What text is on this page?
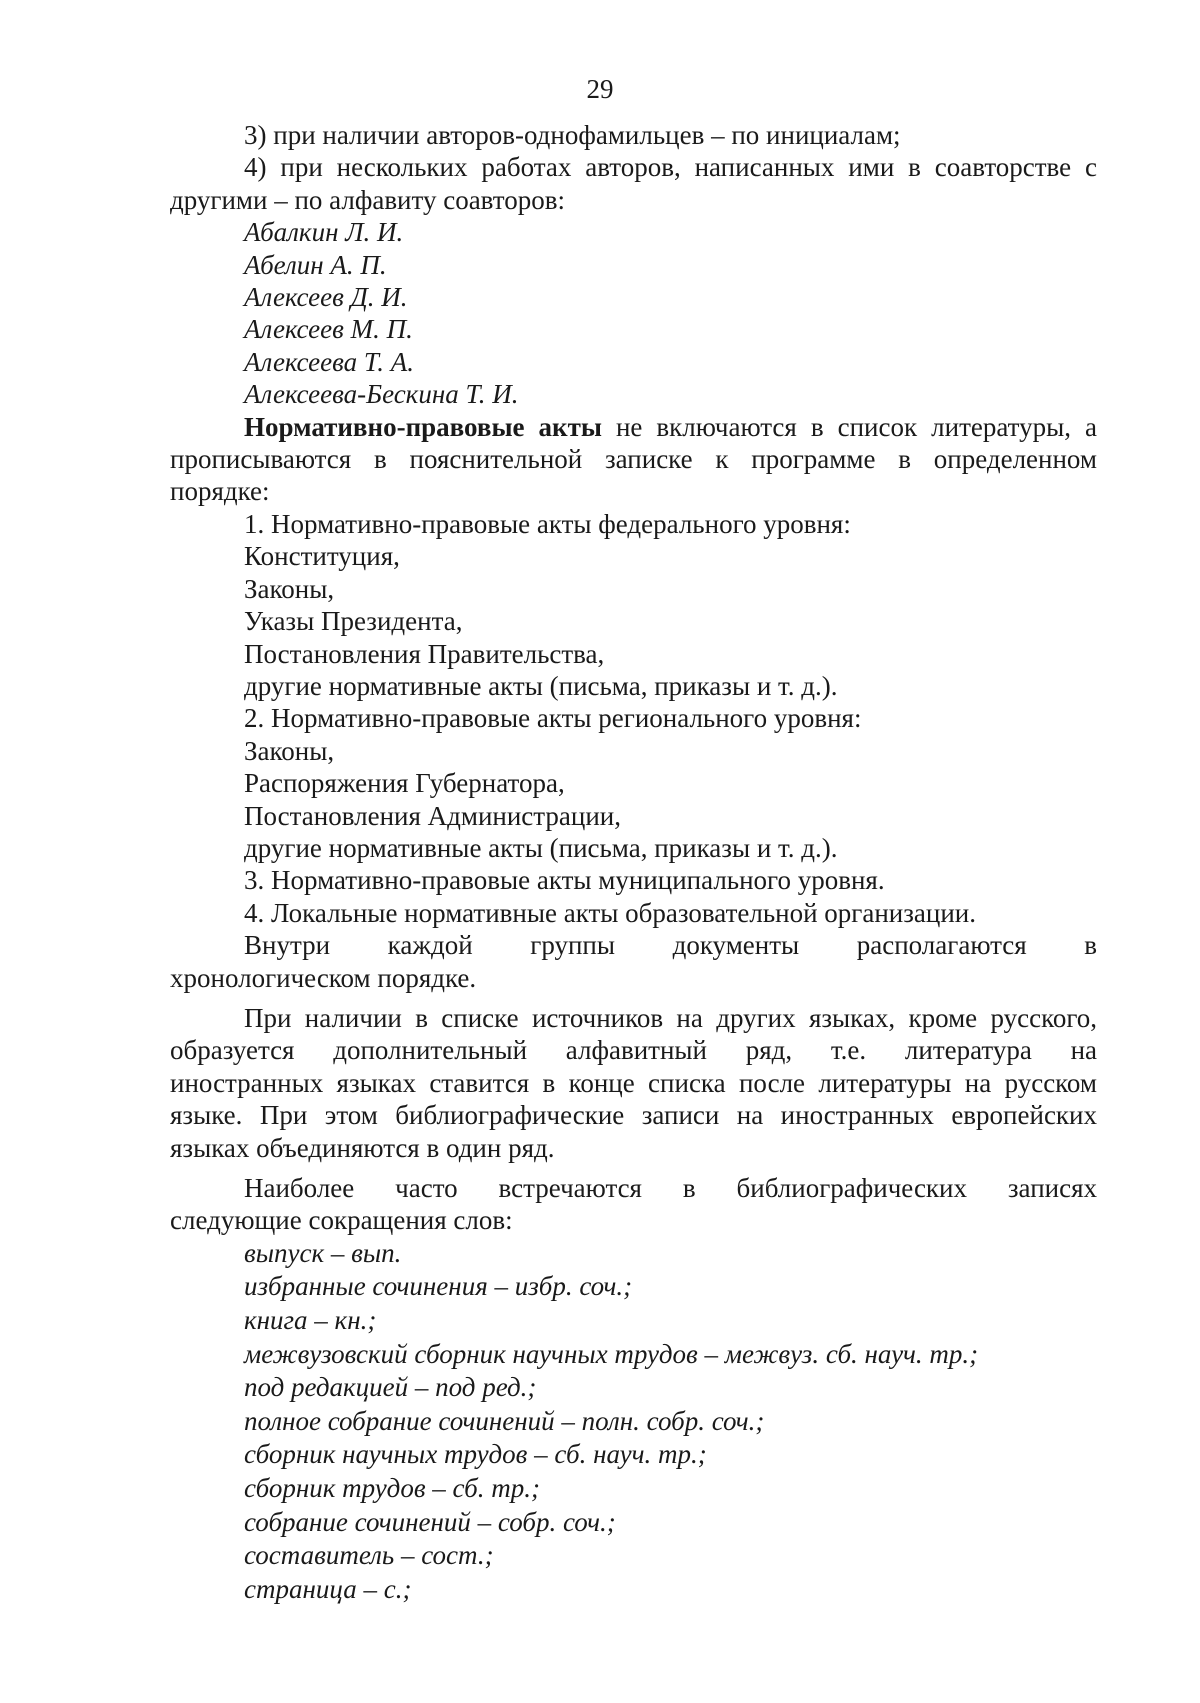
29
3) при наличии авторов-однофамильцев – по инициалам;
4) при нескольких работах авторов, написанных ими в соавторстве с
другими – по алфавиту соавторов:
Абалкин Л. И.
Абелин А. П.
Алексеев Д. И.
Алексеев М. П.
Алексеева Т. А.
Алексеева-Бескина Т. И.
Нормативно-правовые акты не включаются в список литературы, а
прописываются в пояснительной записке к программе в определенном
порядке:
1. Нормативно-правовые акты федерального уровня:
Конституция,
Законы,
Указы Президента,
Постановления Правительства,
другие нормативные акты (письма, приказы и т. д.).
2. Нормативно-правовые акты регионального уровня:
Законы,
Распоряжения Губернатора,
Постановления Администрации,
другие нормативные акты (письма, приказы и т. д.).
3. Нормативно-правовые акты муниципального уровня.
4. Локальные нормативные акты образовательной организации.
Внутри каждой группы документы располагаются в
хронологическом порядке.
При наличии в списке источников на других языках, кроме русского,
образуется дополнительный алфавитный ряд, т.е. литература на
иностранных языках ставится в конце списка после литературы на русском
языке. При этом библиографические записи на иностранных европейских
языках объединяются в один ряд.
Наиболее часто встречаются в библиографических записях
следующие сокращения слов:
выпуск – вып.
избранные сочинения – избр. соч.;
книга – кн.;
межвузовский сборник научных трудов – межвуз. сб. науч. тр.;
под редакцией – под ред.;
полное собрание сочинений – полн. собр. соч.;
сборник научных трудов – сб. науч. тр.;
сборник трудов – сб. тр.;
собрание сочинений – собр. соч.;
составитель – сост.;
страница – с.;
